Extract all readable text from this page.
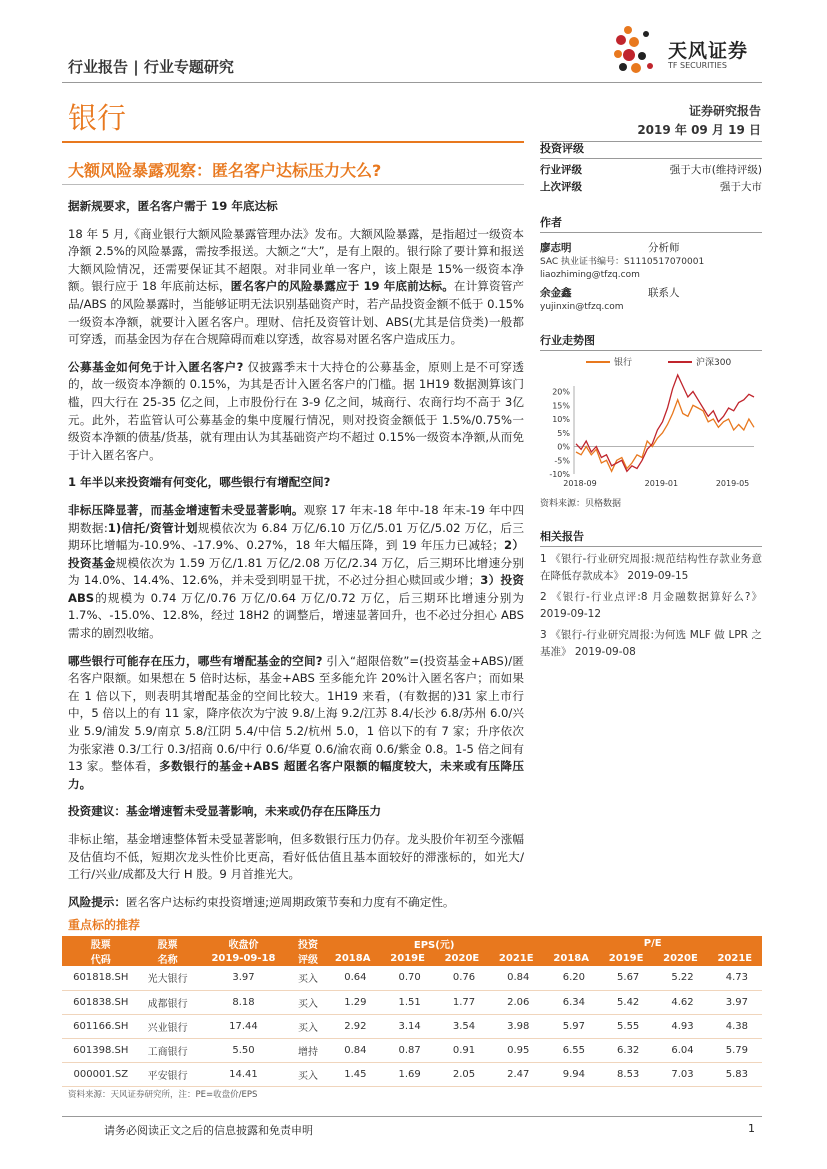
行业报告 | 行业专题研究
天风证券
TF SECURITIES
银行	证券研究报告
2019 年 09 月 19 日
大额风险暴露观察：匿名客户达标压力大么?
据新规要求，匿名客户需于 19 年底达标

18 年 5 月,《商业银行大额风险暴露管理办法》发布。大额风险暴露，是指超过一级资本净额 2.5%的风险暴露，需按季报送。大额之“大”，是有上限的。银行除了要计算和报送大额风险情况，还需要保证其不超限。对非同业单一客户，该上限是 15%一级资本净额。银行应于 18 年底前达标，匿名客户的风险暴露应于 19 年底前达标。在计算资管产品/ABS 的风险暴露时，当能够证明无法识别基础资产时，若产品投资金额不低于 0.15%一级资本净额，就要计入匿名客户。理财、信托及资管计划、ABS(尤其是信贷类)一般都可穿透，而基金因为存在合规障碍而难以穿透，故容易对匿名客户造成压力。

公募基金如何免于计入匿名客户? 仅披露季末十大持仓的公募基金，原则上是不可穿透的，故一级资本净额的 0.15%，为其是否计入匿名客户的门槛。据 1H19 数据测算该门槛，四大行在 25-35 亿之间，上市股份行在 3-9 亿之间，城商行、农商行均不高于 3亿元。此外，若监管认可公募基金的集中度履行情况，则对投资金额低于 1.5%/0.75%一级资本净额的债基/货基，就有理由认为其基础资产均不超过 0.15%一级资本净额,从而免于计入匿名客户。

1 年半以来投资端有何变化，哪些银行有增配空间?

非标压降显著，而基金增速暂未受显著影响。观察 17 年末-18 年中-18 年末-19 年中四期数据:1)信托/资管计划规模依次为 6.84 万亿/6.10 万亿/5.01 万亿/5.02 万亿，后三期环比增幅为-10.9%、-17.9%、0.27%，18 年大幅压降，到 19 年压力已减轻；2）投资基金规模依次为 1.59 万亿/1.81 万亿/2.08 万亿/2.34 万亿，后三期环比增速分别为 14.0%、14.4%、12.6%，并未受到明显干扰，不必过分担心赎回或少增；3）投资 ABS的规模为 0.74 万亿/0.76 万亿/0.64 万亿/0.72 万亿，后三期环比增速分别为 1.7%、-15.0%、12.8%，经过 18H2 的调整后，增速显著回升，也不必过分担心 ABS 需求的剧烈收缩。

哪些银行可能存在压力，哪些有增配基金的空间? 引入“超限倍数”=(投资基金+ABS)/匿名客户限额。如果想在 5 倍时达标，基金+ABS 至多能允许 20%计入匿名客户；而如果在 1 倍以下，则表明其增配基金的空间比较大。1H19 来看，(有数据的)31 家上市行中，5 倍以上的有 11 家，降序依次为宁波 9.8/上海 9.2/江苏 8.4/长沙 6.8/苏州 6.0/兴业 5.9/浦发 5.9/南京 5.8/江阴 5.4/中信 5.2/杭州 5.0，1 倍以下的有 7 家；升序依次为张家港 0.3/工行 0.3/招商 0.6/中行 0.6/华夏 0.6/渝农商 0.6/紫金 0.8。1-5 倍之间有 13 家。整体看，多数银行的基金+ABS 超匿名客户限额的幅度较大，未来或有压降压力。

投资建议：基金增速暂未受显著影响，未来或仍存在压降压力

非标止缩，基金增速整体暂未受显著影响，但多数银行压力仍存。龙头股价年初至今涨幅及估值均不低，短期次龙头性价比更高，看好低估值且基本面较好的滞涨标的，如光大/工行/兴业/成都及大行 H 股。9 月首推光大。

风险提示：匿名客户达标约束投资增速;逆周期政策节奏和力度有不确定性。

投资评级
行业评级	强于大市(维持评级)
上次评级	强于大市
作者
廖志明	分析师
SAC 执业证书编号：S1110517070001
liaozhiming@tfzq.com
余金鑫	联系人
yujinxin@tfzq.com
行业走势图
银行	沪深300
20%
15%
10%
5%
0%
-5%
-10%
2018-09	2019-01	2019-05
资料来源：贝格数据
相关报告
1 《银行-行业研究周报:规范结构性存款业务意在降低存款成本》 2019-09-15
2 《银行-行业点评:8 月金融数据算好么?》 2019-09-12
3 《银行-行业研究周报:为何选 MLF 做 LPR 之基准》 2019-09-08
重点标的推荐
股票	股票	收盘价	投资	EPS(元)				P/E			
代码	名称	2019-09-18	评级	2018A	2019E	2020E	2021E	2018A	2019E	2020E	2021E
601818.SH	光大银行	3.97	买入	0.64	0.70	0.76	0.84	6.20	5.67	5.22	4.73
601838.SH	成都银行	8.18	买入	1.29	1.51	1.77	2.06	6.34	5.42	4.62	3.97
601166.SH	兴业银行	17.44	买入	2.92	3.14	3.54	3.98	5.97	5.55	4.93	4.38
601398.SH	工商银行	5.50	增持	0.84	0.87	0.91	0.95	6.55	6.32	6.04	5.79
000001.SZ	平安银行	14.41	买入	1.45	1.69	2.05	2.47	9.94	8.53	7.03	5.83
资料来源：天风证券研究所，注：PE=收盘价/EPS
请务必阅读正文之后的信息披露和免责申明	1
